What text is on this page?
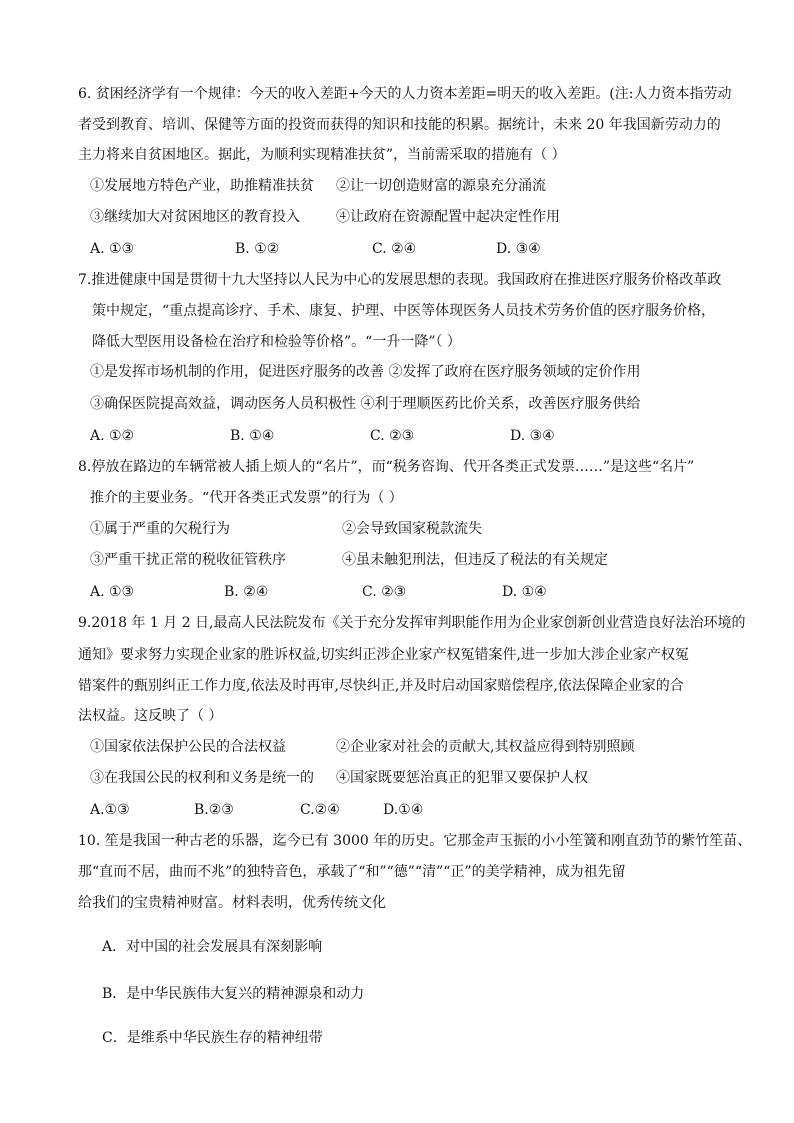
6. 贫困经济学有一个规律：今天的收入差距+今天的人力资本差距=明天的收入差距。(注:人力资本指劳动
者受到教育、培训、保健等方面的投资而获得的知识和技能的积累。据统计，未来 20 年我国新劳动力的
主力将来自贫困地区。据此，为顺利实现精准扶贫”，当前需采取的措施有（ ）
①发展地方特色产业，助推精准扶贫 ②让一切创造财富的源泉充分涌流
③继续加大对贫困地区的教育投入	④让政府在资源配置中起决定性作用
A. ①③	B. ①②	C. ②④	D. ③④
7.推进健康中国是贯彻十九大坚持以人民为中心的发展思想的表现。我国政府在推进医疗服务价格改革政
策中规定，“重点提高诊疗、手术、康复、护理、中医等体现医务人员技术劳务价值的医疗服务价格，
降低大型医用设备检在治疗和检验等价格”。“一升一降”（ ）
①是发挥市场机制的作用，促进医疗服务的改善 ②发挥了政府在医疗服务领域的定价作用
③确保医院提高效益，调动医务人员积极性 ④利于理顺医药比价关系，改善医疗服务供给
A. ①②	B. ①④	C. ②③	D. ③④
8.停放在路边的车辆常被人插上烦人的“名片”，而“税务咨询、代开各类正式发票……”是这些“名片”
推介的主要业务。“代开各类正式发票”的行为（ ）
①属于严重的欠税行为	②会导致国家税款流失
③严重干扰正常的税收征管秩序	④虽未触犯刑法，但违反了税法的有关规定
A. ①③	B. ②④	C. ②③	D. ①④
9.2018 年 1 月 2 日,最高人民法院发布《关于充分发挥审判职能作用为企业家创新创业营造良好法治环境的
通知》要求努力实现企业家的胜诉权益,切实纠正涉企业家产权冤错案件,进一步加大涉企业家产权冤
错案件的甄别纠正工作力度,依法及时再审,尽快纠正,并及时启动国家赔偿程序,依法保障企业家的合
法权益。这反映了（ ）
①国家依法保护公民的合法权益	②企业家对社会的贡献大,其权益应得到特别照顾
③在我国公民的权利和义务是统一的 ④国家既要惩治真正的犯罪又要保护人权
A.①③	B.②③	C.②④	D.①④
10. 笙是我国一种古老的乐器，迄今已有 3000 年的历史。它那金声玉振的小小笙簧和刚直劲节的紫竹笙苗、
那“直而不居，曲而不兆”的独特音色，承载了“和”“德”“清”“正”的美学精神，成为祖先留
给我们的宝贵精神财富。材料表明，优秀传统文化
A．对中国的社会发展具有深刻影响
B．是中华民族伟大复兴的精神源泉和动力
C．是维系中华民族生存的精神纽带
